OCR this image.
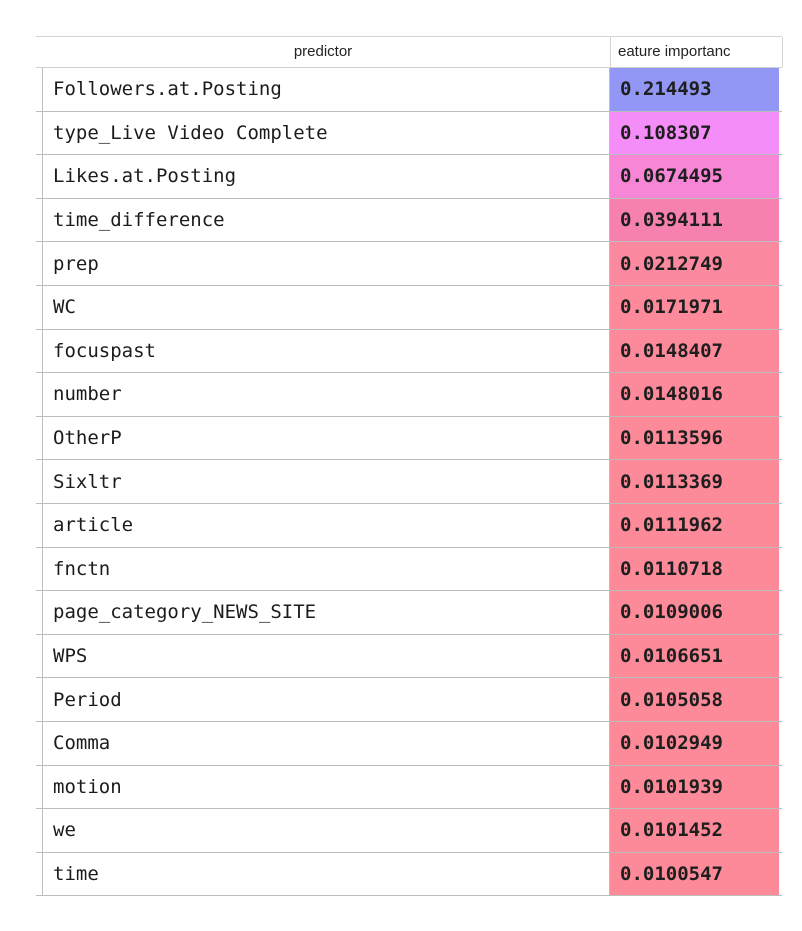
predictor	eature importanc
Followers.at.Posting	0.214493
type_Live Video Complete	0.108307
Likes.at.Posting	0.0674495
time_difference	0.0394111
prep	0.0212749
WC	0.0171971
focuspast	0.0148407
number	0.0148016
OtherP	0.0113596
Sixltr	0.0113369
article	0.0111962
fnctn	0.0110718
page_category_NEWS_SITE	0.0109006
WPS	0.0106651
Period	0.0105058
Comma	0.0102949
motion	0.0101939
we	0.0101452
time	0.0100547
